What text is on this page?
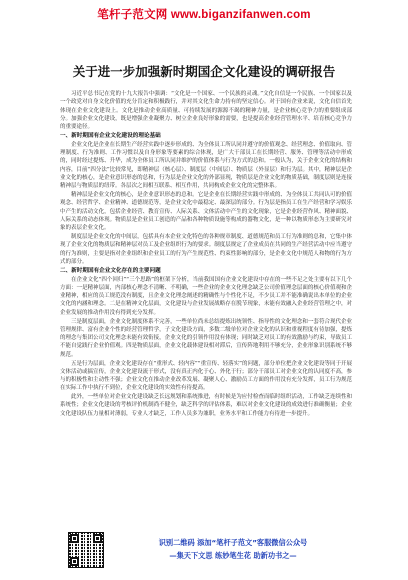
笔杆子范文网 www.biganzifanwen.com
关于进一步加强新时期国企文化建设的调研报告

习近平总书记在党的十九大报告中强调：“文化是一个国家、一个民族的灵魂。”文化自信是一个民族、一个国家以及一个政党对自身文化价值的充分肯定和积极践行，并对其文化生命力持有的坚定信心。对于国有企业来说，文化自信首先体现在企业文化建设上。文化是推动企业高质量、可持续发展的源源不竭的精神力量，是企业核心竞争力的重要组成部分。加强企业文化建设，既是增强企业凝聚力、树立企业良好形象的需要，也是提高企业经营管理水平、培育核心竞争力的重要途径。

一、新时期国有企业文化建设的理论基础

企业文化是企业在长期生产经营实践中逐步形成的、为全体员工所认同并遵守的价值观念、经营理念、价值取向、管理制度、行为准则、工作习惯以及自身形象等要素的综合体现，是广大干部员工在长期经营、服务、管理等活动中形成的，同时经过提炼、升华，成为全体员工所认同并维护的价值体系与行为方式的总和。一般认为，关于企业文化的结构和内容，目前“四分法”比较常见，即精神层（核心层）、制度层（中间层）、物质层（外显层）和行为层。其中，精神层是企业文化的核心，是企业意识形态的总和，行为层是企业文化的外部显现，物质层是企业文化的物质基础，制度层则是连接精神层与物质层的纽带。各层次之间相互联系、相互作用，共同构成企业文化的完整体系。

精神层是企业文化的核心，是企业意识形态的总和。它是企业在长期经营实践中形成的、为全体员工共同认可的价值观念、经营哲学、企业精神、道德规范等，是企业文化中最稳定、最深层的部分。行为层是指员工在生产经营和学习娱乐中产生的活动文化，包括企业经营、教育宣传、人际关系、文体活动中产生的文化现象，它是企业经营作风、精神面貌、人际关系的动态体现。物质层是企业员工创造的产品和各种物质设施等构成的器物文化，是一种以物质形态为主要研究对象的表层企业文化。

制度层是企业文化的中间层，包括具有本企业文化特色的各种规章制度、道德规范和员工行为准则的总和，它集中体现了企业文化的物质层和精神层对员工及企业组织行为的要求。制度层规定了企业成员在共同的生产经营活动中应当遵守的行为准则，主要是指对企业组织和企业员工的行为产生规范性、约束性影响的部分，是企业文化中规范人和物的行为方式的部分。

二、新时期国有企业文化存在的主要问题

在企业文化“四个回归”“三个思路”的框架下分析，当前我国国有企业文化建设中存在的一些不足之处主要有以下几个方面：一是精神层面，内部核心理念不清晰、不明确，一些企业的企业文化理念缺乏公司价值理念层面的核心价值观和企业精神，相应的员工规范没有制度，且企业文化理念阐述的精确性与个性化不足，不少员工并不能准确说出本单位的企业文化的内涵和理念。二是在精神文化层面，文化建设与企业发展战略存在脱节现象，未能有效融入企业经营管理之中，对企业发展的推动作用没有得到充分发挥。

三是制度层面，企业文化制度体系不完善，一些单位尚未总结提炼出统领性、指导性的文化理念和一套符合现代企业管理规律、富有企业个性的经营管理哲学，子文化建设方面，多数二级单位对企业文化的认识和重视程度有待加强，提炼的理念与集团公司文化理念未能有效衔接，企业文化的引领作用没有体现；同时缺乏对员工的有效激励与约束，导致员工不能自觉践行企业价值观。四是物质层面，企业文化载体建设相对滞后，宣传阵地利用不够充分，企业形象识别系统不够规范。

五是行为层面，企业文化建设存在“重形式、轻内容”“重宣传、轻落实”的问题，部分单位把企业文化建设等同于开展文体活动或搞宣传，企业文化建设流于形式，没有真正内化于心、外化于行；部分干部员工对企业文化的认同度不高，参与的积极性和主动性不强；企业文化在推动企业改革发展、凝聚人心、激励员工方面的作用没有充分发挥，员工行为规范在实际工作中执行不到位，企业文化建设的实效性有待提高。

此外，一些单位对企业文化建设缺乏长远规划和系统推进，有时候是为应付检查而临时组织活动，工作缺乏连续性和系统性；企业文化建设的考核评价机制尚不健全，缺乏科学的评估体系，难以对企业文化建设的成效进行准确衡量；企业文化建设队伍力量相对薄弱，专业人才缺乏，工作人员多为兼职，业务水平和工作能力有待进一步提升。

识别二维码 添加“笔杆子范文”客服微信公众号
—集天下文思 练妙笔生花 助新功书之—
